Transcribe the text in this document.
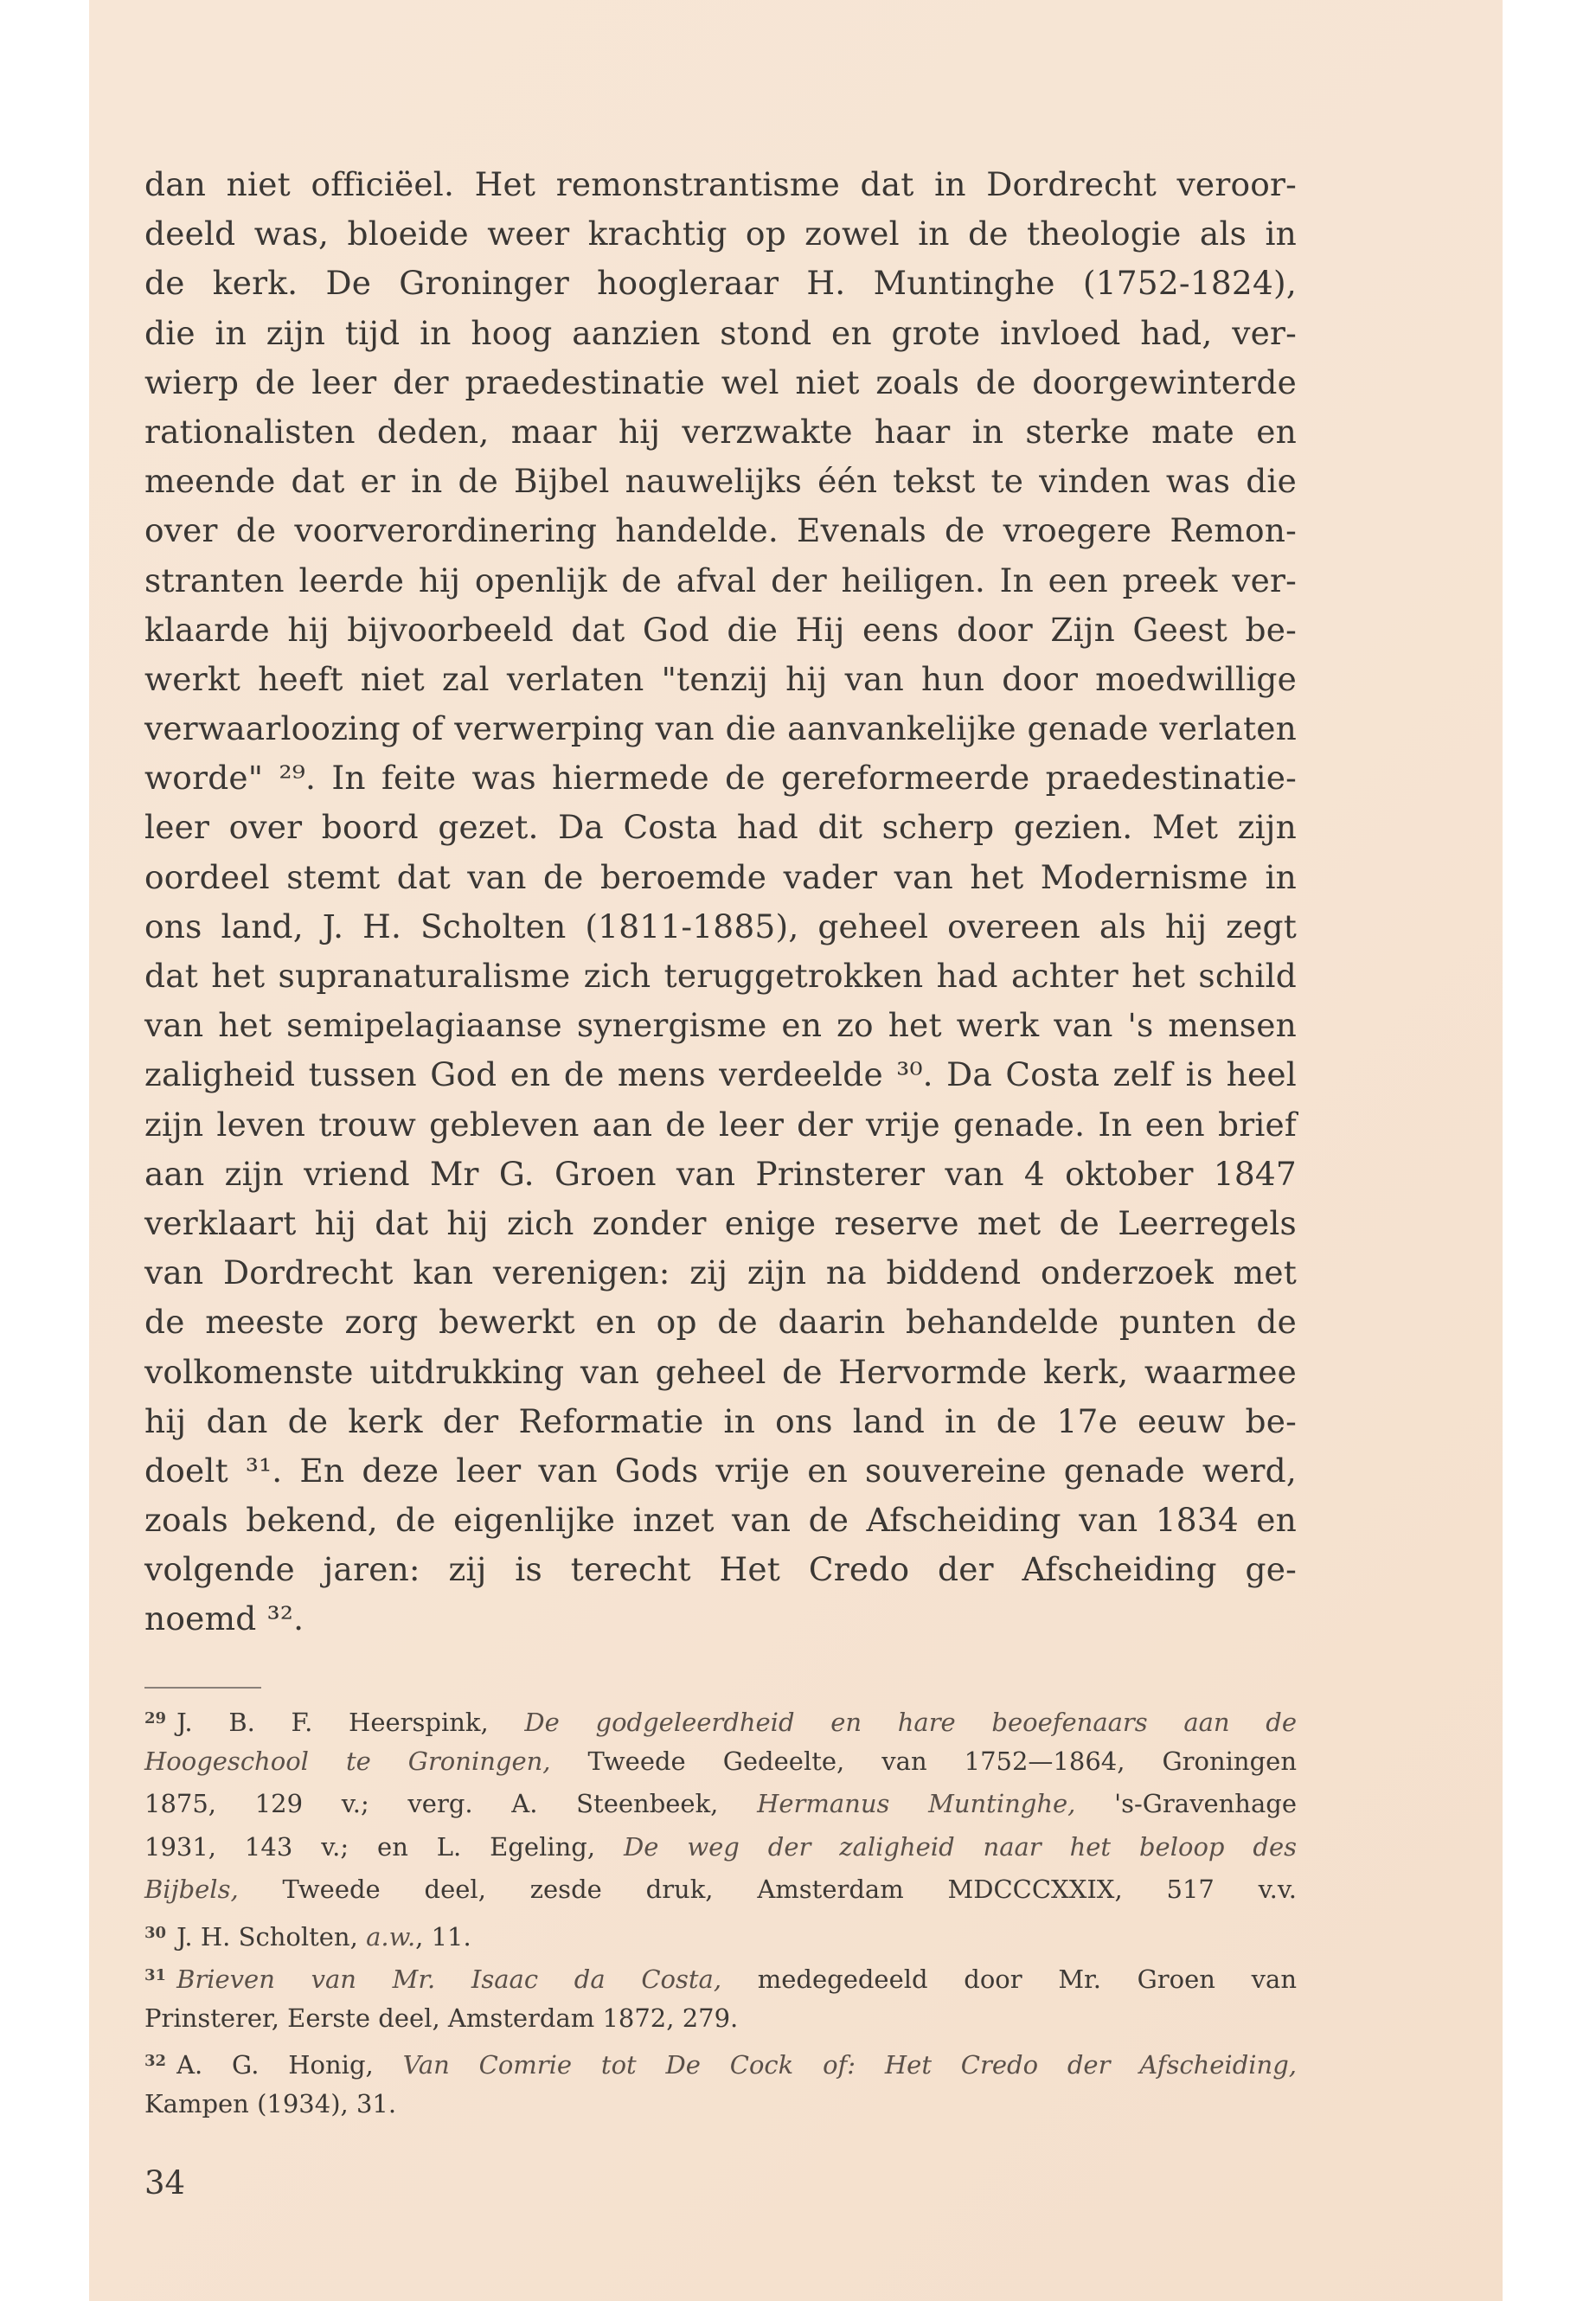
dan niet officiëel. Het remonstrantisme dat in Dordrecht veroor-
deeld was, bloeide weer krachtig op zowel in de theologie als in
de kerk. De Groninger hoogleraar H. Muntinghe (1752-1824),
die in zijn tijd in hoog aanzien stond en grote invloed had, ver-
wierp de leer der praedestinatie wel niet zoals de doorgewinterde
rationalisten deden, maar hij verzwakte haar in sterke mate en
meende dat er in de Bijbel nauwelijks één tekst te vinden was die
over de voorverordinering handelde. Evenals de vroegere Remon-
stranten leerde hij openlijk de afval der heiligen. In een preek ver-
klaarde hij bijvoorbeeld dat God die Hij eens door Zijn Geest be-
werkt heeft niet zal verlaten "tenzij hij van hun door moedwillige
verwaarloozing of verwerping van die aanvankelijke genade verlaten
worde" ²⁹. In feite was hiermede de gereformeerde praedestinatie-
leer over boord gezet. Da Costa had dit scherp gezien. Met zijn
oordeel stemt dat van de beroemde vader van het Modernisme in
ons land, J. H. Scholten (1811-1885), geheel overeen als hij zegt
dat het supranaturalisme zich teruggetrokken had achter het schild
van het semipelagiaanse synergisme en zo het werk van 's mensen
zaligheid tussen God en de mens verdeelde ³⁰. Da Costa zelf is heel
zijn leven trouw gebleven aan de leer der vrije genade. In een brief
aan zijn vriend Mr G. Groen van Prinsterer van 4 oktober 1847
verklaart hij dat hij zich zonder enige reserve met de Leerregels
van Dordrecht kan verenigen: zij zijn na biddend onderzoek met
de meeste zorg bewerkt en op de daarin behandelde punten de
volkomenste uitdrukking van geheel de Hervormde kerk, waarmee
hij dan de kerk der Reformatie in ons land in de 17e eeuw be-
doelt ³¹. En deze leer van Gods vrije en souvereine genade werd,
zoals bekend, de eigenlijke inzet van de Afscheiding van 1834 en
volgende jaren: zij is terecht Het Credo der Afscheiding ge-
noemd ³².
$^{29}$ J. B. F. Heerspink, De godgeleerdheid en hare beoefenaars aan de
Hoogeschool te Groningen, Tweede Gedeelte, van 1752—1864, Groningen
1875, 129 v.; verg. A. Steenbeek, Hermanus Muntinghe, 's-Gravenhage
1931, 143 v.; en L. Egeling, De weg der zaligheid naar het beloop des
Bijbels, Tweede deel, zesde druk, Amsterdam MDCCCXXIX, 517 v.v.
$^{30}$ J. H. Scholten, a.w., 11.
$^{31}$ Brieven van Mr. Isaac da Costa, medegedeeld door Mr. Groen van
Prinsterer, Eerste deel, Amsterdam 1872, 279.
$^{32}$ A. G. Honig, Van Comrie tot De Cock of: Het Credo der Afscheiding,
Kampen (1934), 31.
34
